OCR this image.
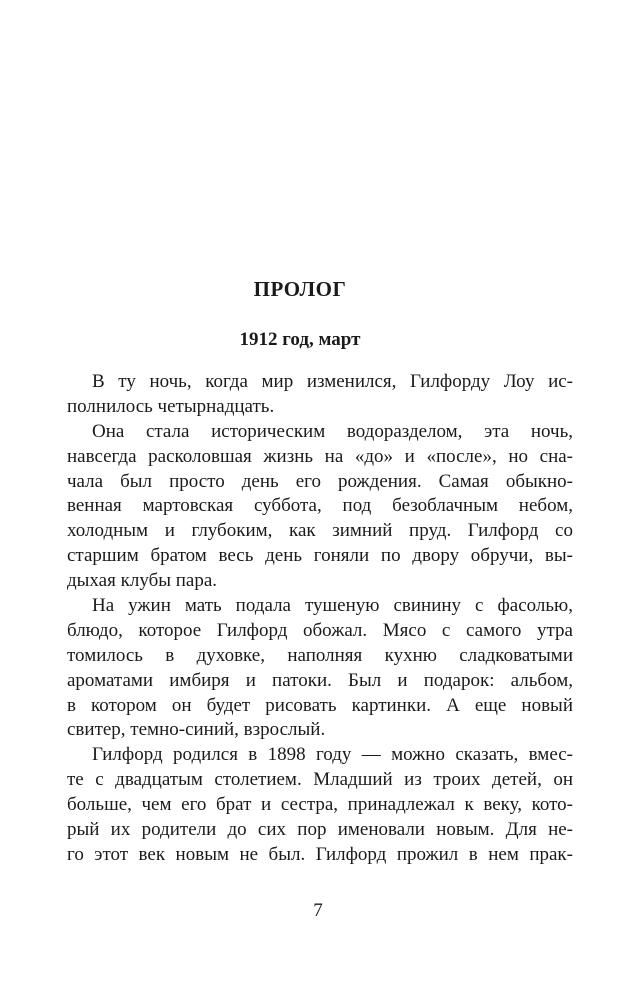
ПРОЛОГ
1912 год, март
В ту ночь, когда мир изменился, Гилфорду Лоу ис-
полнилось четырнадцать.
Она стала историческим водоразделом, эта ночь,
навсегда расколовшая жизнь на «до» и «после», но сна-
чала был просто день его рождения. Самая обыкно-
венная мартовская суббота, под безоблачным небом,
холодным и глубоким, как зимний пруд. Гилфорд со
старшим братом весь день гоняли по двору обручи, вы-
дыхая клубы пара.
На ужин мать подала тушеную свинину с фасолью,
блюдо, которое Гилфорд обожал. Мясо с самого утра
томилось в духовке, наполняя кухню сладковатыми
ароматами имбиря и патоки. Был и подарок: альбом,
в котором он будет рисовать картинки. А еще новый
свитер, темно-синий, взрослый.
Гилфорд родился в 1898 году — можно сказать, вмес-
те с двадцатым столетием. Младший из троих детей, он
больше, чем его брат и сестра, принадлежал к веку, кото-
рый их родители до сих пор именовали новым. Для не-
го этот век новым не был. Гилфорд прожил в нем прак-
7
